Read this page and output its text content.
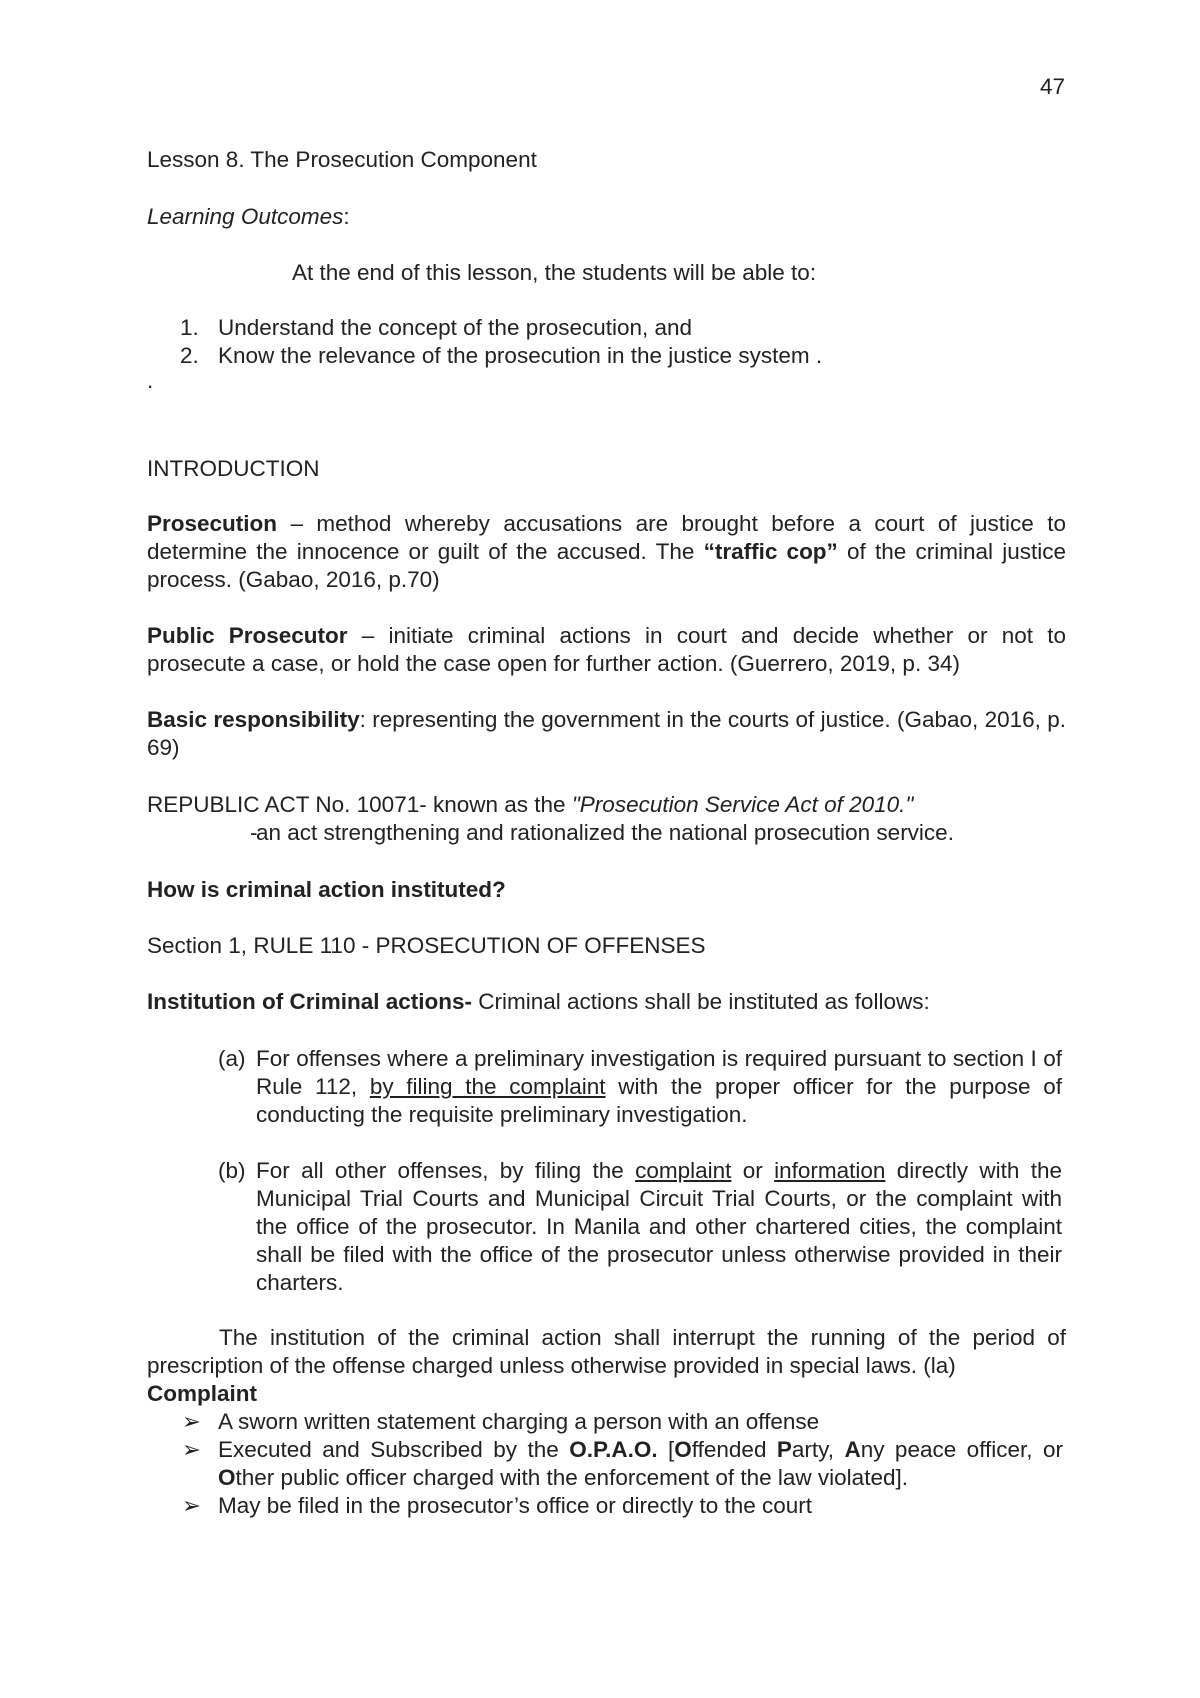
47
Lesson 8. The Prosecution Component
Learning Outcomes:
At the end of this lesson, the students will be able to:
1. Understand the concept of the prosecution, and
2. Know the relevance of the prosecution in the justice system .
.
INTRODUCTION
Prosecution – method whereby accusations are brought before a court of justice to determine the innocence or guilt of the accused. The “traffic cop” of the criminal justice process. (Gabao, 2016, p.70)
Public Prosecutor – initiate criminal actions in court and decide whether or not to prosecute a case, or hold the case open for further action. (Guerrero, 2019, p. 34)
Basic responsibility: representing the government in the courts of justice. (Gabao, 2016, p. 69)
REPUBLIC ACT No. 10071- known as the "Prosecution Service Act of 2010."
-
an act strengthening and rationalized the national prosecution service.
How is criminal action instituted?
Section 1, RULE 110 - PROSECUTION OF OFFENSES
Institution of Criminal actions- Criminal actions shall be instituted as follows:
(a) For offenses where a preliminary investigation is required pursuant to section I of Rule 112, by filing the complaint with the proper officer for the purpose of conducting the requisite preliminary investigation.
(b) For all other offenses, by filing the complaint or information directly with the Municipal Trial Courts and Municipal Circuit Trial Courts, or the complaint with the office of the prosecutor. In Manila and other chartered cities, the complaint shall be filed with the office of the prosecutor unless otherwise provided in their charters.
The institution of the criminal action shall interrupt the running of the period of prescription of the offense charged unless otherwise provided in special laws. (la)
Complaint
➢ A sworn written statement charging a person with an offense
➢ Executed and Subscribed by the O.P.A.O. [Offended Party, Any peace officer, or Other public officer charged with the enforcement of the law violated].
➢ May be filed in the prosecutor’s office or directly to the court
